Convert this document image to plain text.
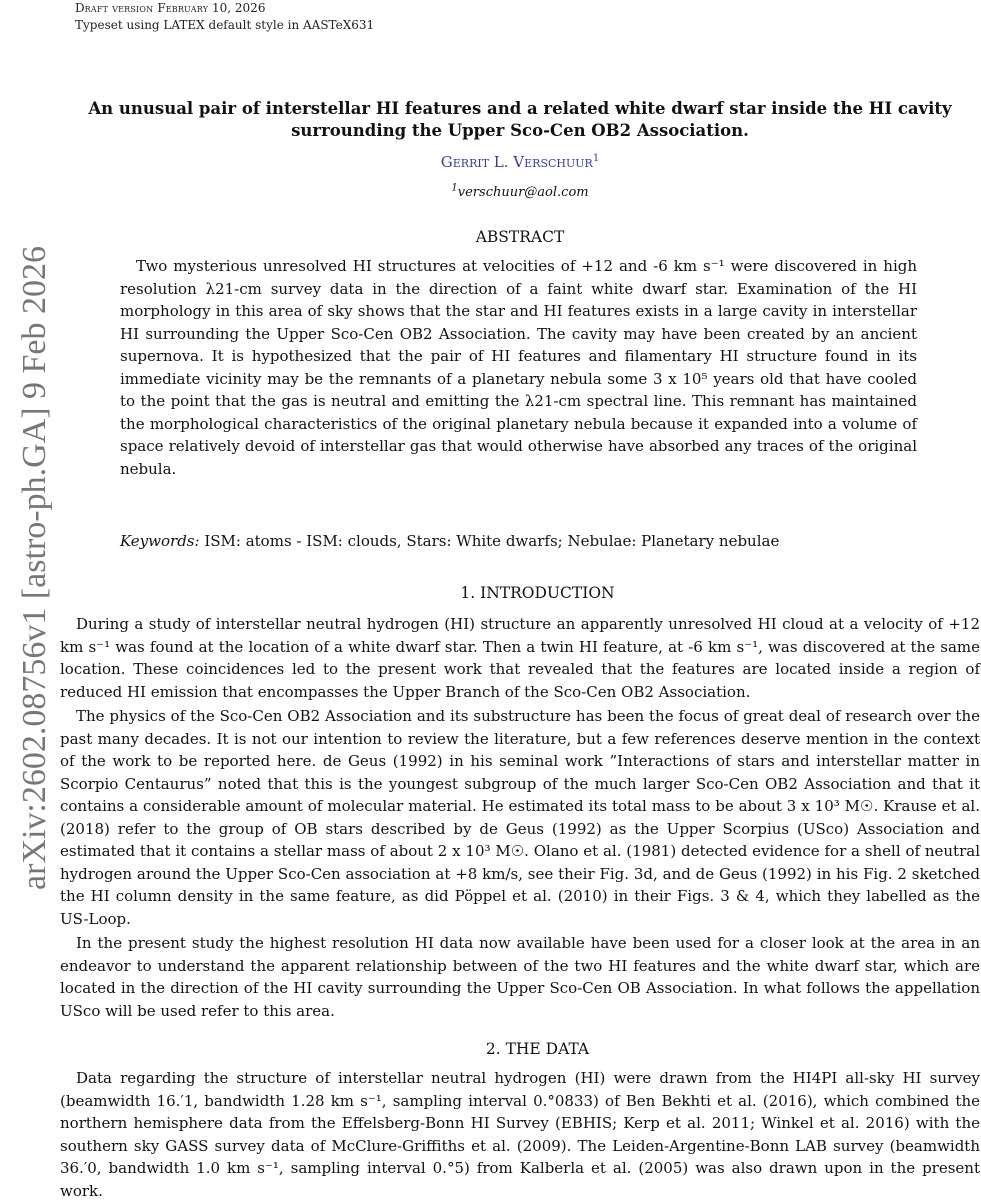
Draft version February 10, 2026
Typeset using LATEX default style in AASTeX631
arXiv:2602.08756v1 [astro-ph.GA] 9 Feb 2026
An unusual pair of interstellar HI features and a related white dwarf star inside the HI cavity
surrounding the Upper Sco-Cen OB2 Association.
Gerrit L. Verschuur$^1$
$^1$verschuur@aol.com
ABSTRACT
Two mysterious unresolved HI structures at velocities of +12 and -6 km s⁻¹ were discovered in high resolution λ21-cm survey data in the direction of a faint white dwarf star. Examination of the HI morphology in this area of sky shows that the star and HI features exists in a large cavity in interstellar HI surrounding the Upper Sco-Cen OB2 Association. The cavity may have been created by an ancient supernova. It is hypothesized that the pair of HI features and filamentary HI structure found in its immediate vicinity may be the remnants of a planetary nebula some 3 x 10⁵ years old that have cooled to the point that the gas is neutral and emitting the λ21-cm spectral line. This remnant has maintained the morphological characteristics of the original planetary nebula because it expanded into a volume of space relatively devoid of interstellar gas that would otherwise have absorbed any traces of the original nebula.
Keywords: ISM: atoms - ISM: clouds, Stars: White dwarfs; Nebulae: Planetary nebulae
1. INTRODUCTION

During a study of interstellar neutral hydrogen (HI) structure an apparently unresolved HI cloud at a velocity of +12 km s⁻¹ was found at the location of a white dwarf star. Then a twin HI feature, at -6 km s⁻¹, was discovered at the same location. These coincidences led to the present work that revealed that the features are located inside a region of reduced HI emission that encompasses the Upper Branch of the Sco-Cen OB2 Association.

The physics of the Sco-Cen OB2 Association and its substructure has been the focus of great deal of research over the past many decades. It is not our intention to review the literature, but a few references deserve mention in the context of the work to be reported here. de Geus (1992) in his seminal work ”Interactions of stars and interstellar matter in Scorpio Centaurus” noted that this is the youngest subgroup of the much larger Sco-Cen OB2 Association and that it contains a considerable amount of molecular material. He estimated its total mass to be about 3 x 10³ M☉. Krause et al. (2018) refer to the group of OB stars described by de Geus (1992) as the Upper Scorpius (USco) Association and estimated that it contains a stellar mass of about 2 x 10³ M☉. Olano et al. (1981) detected evidence for a shell of neutral hydrogen around the Upper Sco-Cen association at +8 km/s, see their Fig. 3d, and de Geus (1992) in his Fig. 2 sketched the HI column density in the same feature, as did Pöppel et al. (2010) in their Figs. 3 & 4, which they labelled as the US-Loop.

In the present study the highest resolution HI data now available have been used for a closer look at the area in an endeavor to understand the apparent relationship between of the two HI features and the white dwarf star, which are located in the direction of the HI cavity surrounding the Upper Sco-Cen OB Association. In what follows the appellation USco will be used refer to this area.

2. THE DATA

Data regarding the structure of interstellar neutral hydrogen (HI) were drawn from the HI4PI all-sky HI survey (beamwidth 16.′1, bandwidth 1.28 km s⁻¹, sampling interval 0.°0833) of Ben Bekhti et al. (2016), which combined the northern hemisphere data from the Effelsberg-Bonn HI Survey (EBHIS; Kerp et al. 2011; Winkel et al. 2016) with the southern sky GASS survey data of McClure-Griffiths et al. (2009). The Leiden-Argentine-Bonn LAB survey (beamwidth 36.′0, bandwidth 1.0 km s⁻¹, sampling interval 0.°5) from Kalberla et al. (2005) was also drawn upon in the present work.
